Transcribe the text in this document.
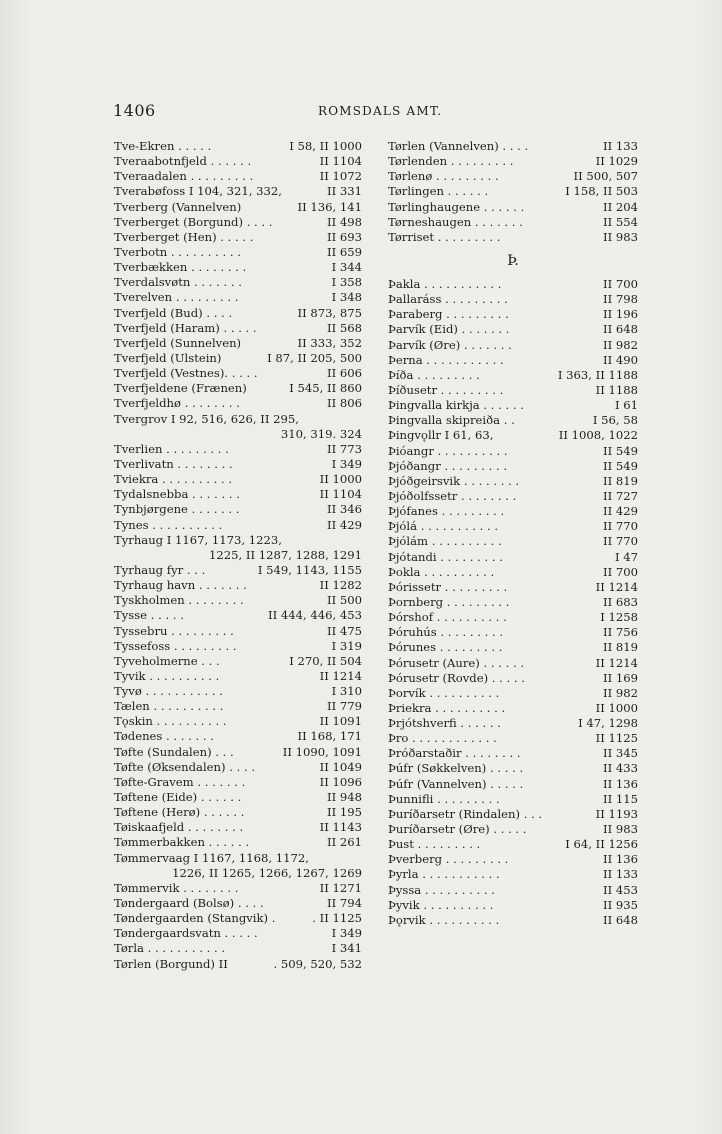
1406	ROMSDALS AMT.
Tve-Ekren . . . . .	I 58, II 1000
Tveraabotnfjeld . . . . . .	II 1104
Tveraadalen . . . . . . . . .	II 1072
Tverabøfoss I 104, 321, 332,	II 331
Tverberg (Vannelven)	II 136, 141
Tverberget (Borgund) . . . .	II 498
Tverberget (Hen) . . . . .	II 693
Tverbotn . . . . . . . . . .	II 659
Tverbækken . . . . . . . .	I 344
Tverdalsvøtn . . . . . . .	I 358
Tverelven . . . . . . . . .	I 348
Tverfjeld (Bud) . . . .	II 873, 875
Tverfjeld (Haram) . . . . .	II 568
Tverfjeld (Sunnelven)	II 333, 352
Tverfjeld (Ulstein)	I 87, II 205, 500
Tverfjeld (Vestnes). . . . .	II 606
Tverfjeldene (Frænen)	I 545, II 860
Tverfjeldhø . . . . . . . .	II 806
Tvergrov I 92, 516, 626, II 295,
310, 319. 324
Tverlien . . . . . . . . .	II 773
Tverlivatn . . . . . . . .	I 349
Tviekra . . . . . . . . . .	II 1000
Tydalsnebba . . . . . . .	II 1104
Tynbjørgene . . . . . . .	II 346
Tynes . . . . . . . . . .	II 429
Tyrhaug I 1167, 1173, 1223,
1225, II 1287, 1288, 1291
Tyrhaug fyr . . .	I 549, 1143, 1155
Tyrhaug havn . . . . . . .	II 1282
Tyskholmen . . . . . . . .	II 500
Tysse . . . . .	II 444, 446, 453
Tyssebru . . . . . . . . .	II 475
Tyssefoss . . . . . . . . .	I 319
Tyveholmerne . . .	I 270, II 504
Tyvik . . . . . . . . . .	II 1214
Tyvø . . . . . . . . . . .	I 310
Tælen . . . . . . . . . .	II 779
Tǫskin . . . . . . . . . .	II 1091
Tødenes . . . . . . .	II 168, 171
Tøfte (Sundalen) . . .	II 1090, 1091
Tøfte (Øksendalen) . . . .	II 1049
Tøfte-Gravem . . . . . . .	II 1096
Tøftene (Eide) . . . . . .	II 948
Tøftene (Herø) . . . . . .	II 195
Tøiskaafjeld . . . . . . . .	II 1143
Tømmerbakken . . . . . .	II 261
Tømmervaag I 1167, 1168, 1172,
1226, II 1265, 1266, 1267, 1269
Tømmervik . . . . . . . .	II 1271
Tøndergaard (Bolsø) . . . .	II 794
Tøndergaarden (Stangvik) .	. II 1125
Tøndergaardsvatn . . . . .	I 349
Tørla . . . . . . . . . . .	I 341
Tørlen (Borgund) II	. 509, 520, 532
Tørlen (Vannelven) . . . .	II 133
Tørlenden . . . . . . . . .	II 1029
Tørlenø . . . . . . . . .	II 500, 507
Tørlingen . . . . . .	I 158, II 503
Tørlinghaugene . . . . . .	II 204
Tørneshaugen . . . . . . .	II 554
Tørriset . . . . . . . . .	II 983
Þ.
Þakla . . . . . . . . . . .	II 700
Þallaráss . . . . . . . . .	II 798
Þaraberg . . . . . . . . .	II 196
Þarvík (Eid) . . . . . . .	II 648
Þarvík (Øre) . . . . . . .	II 982
Þerna . . . . . . . . . . .	II 490
Þíða . . . . . . . . .	I 363, II 1188
Þíðusetr . . . . . . . . .	II 1188
Þingvalla kirkja . . . . . .	I 61
Þingvalla skipreiða . .	I 56, 58
Þingvǫllr I 61, 63,	II 1008, 1022
Þióangr . . . . . . . . . .	II 549
Þjóðangr . . . . . . . . .	II 549
Þjóðgeirsvik . . . . . . . .	II 819
Þjóðolfssetr . . . . . . . .	II 727
Þjófanes . . . . . . . . .	II 429
Þjólá . . . . . . . . . . .	II 770
Þjólám . . . . . . . . . .	II 770
Þjótandi . . . . . . . . .	I 47
Þokla . . . . . . . . . .	II 700
Þórissetr . . . . . . . . .	II 1214
Þornberg . . . . . . . . .	II 683
Þórshof . . . . . . . . . .	I 1258
Þóruhús . . . . . . . . .	II 756
Þórunes . . . . . . . . .	II 819
Þórusetr (Aure) . . . . . .	II 1214
Þórusetr (Rovde) . . . . .	II 169
Þorvík . . . . . . . . . .	II 982
Þriekra . . . . . . . . . .	II 1000
Þrjótshverfi . . . . . .	I 47, 1298
Þro . . . . . . . . . . . .	II 1125
Þróðarstaðir . . . . . . . .	II 345
Þúfr (Søkkelven) . . . . .	II 433
Þúfr (Vannelven) . . . . .	II 136
Þunnifli . . . . . . . . .	II 115
Þuríðarsetr (Rindalen) . . .	II 1193
Þuríðarsetr (Øre) . . . . .	II 983
Þust . . . . . . . . .	I 64, II 1256
Þverberg . . . . . . . . .	II 136
Þyrla . . . . . . . . . . .	II 133
Þyssa . . . . . . . . . .	II 453
Þyvik . . . . . . . . . .	II 935
Þǫrvik . . . . . . . . . .	II 648
